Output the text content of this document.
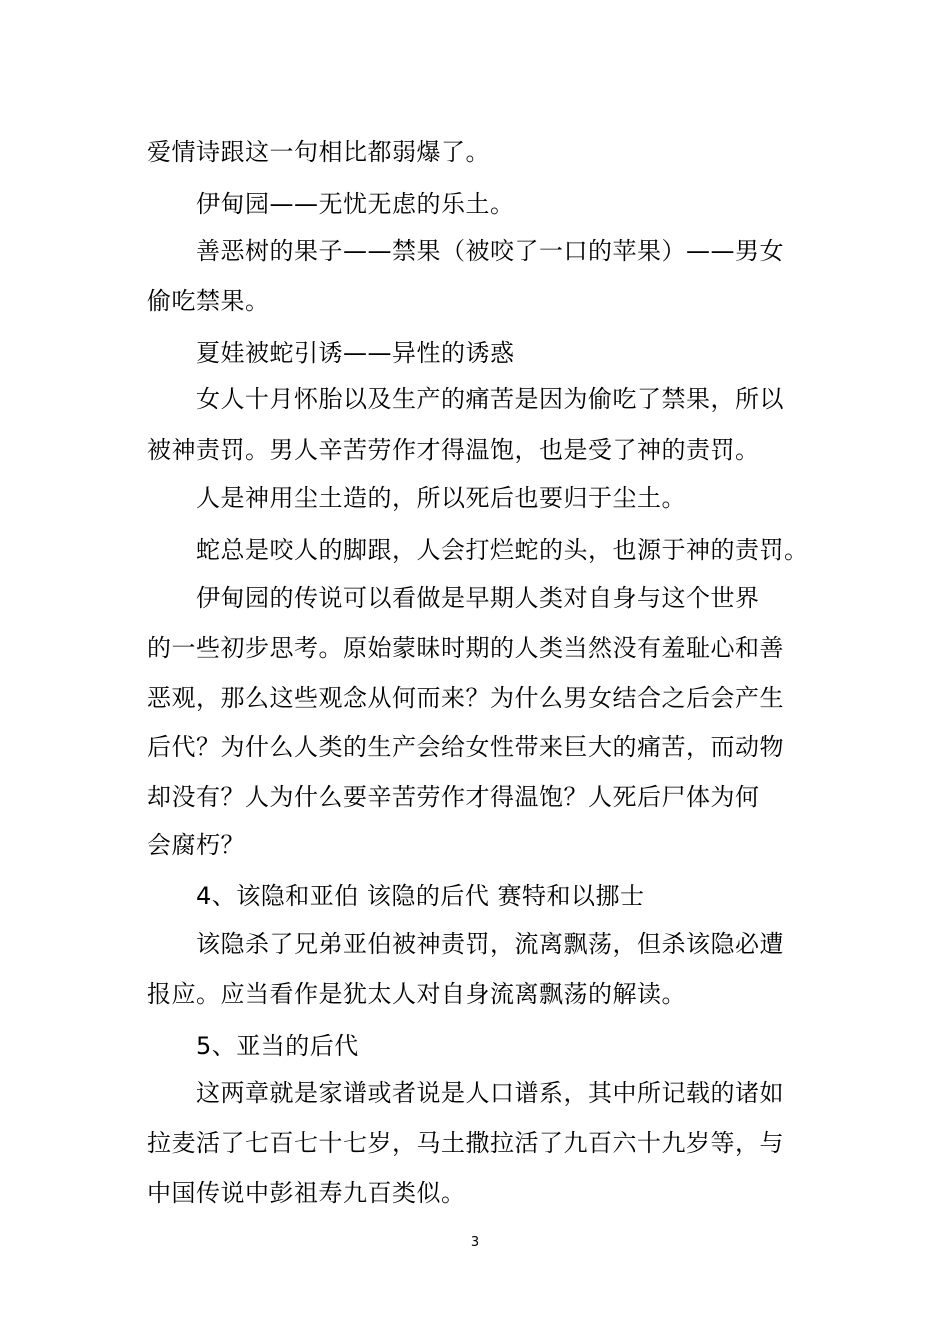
爱情诗跟这一句相比都弱爆了。
伊甸园——无忧无虑的乐土。
善恶树的果子——禁果（被咬了一口的苹果）——男女
偷吃禁果。
夏娃被蛇引诱——异性的诱惑
女人十月怀胎以及生产的痛苦是因为偷吃了禁果，所以
被神责罚。男人辛苦劳作才得温饱，也是受了神的责罚。
人是神用尘土造的，所以死后也要归于尘土。
蛇总是咬人的脚跟，人会打烂蛇的头，也源于神的责罚。
伊甸园的传说可以看做是早期人类对自身与这个世界
的一些初步思考。原始蒙昧时期的人类当然没有羞耻心和善
恶观，那么这些观念从何而来？为什么男女结合之后会产生
后代？为什么人类的生产会给女性带来巨大的痛苦，而动物
却没有？人为什么要辛苦劳作才得温饱？人死后尸体为何
会腐朽？
4、该隐和亚伯 该隐的后代 赛特和以挪士
该隐杀了兄弟亚伯被神责罚，流离飘荡，但杀该隐必遭
报应。应当看作是犹太人对自身流离飘荡的解读。
5、亚当的后代
这两章就是家谱或者说是人口谱系，其中所记载的诸如
拉麦活了七百七十七岁，马土撒拉活了九百六十九岁等，与
中国传说中彭祖寿九百类似。
3
